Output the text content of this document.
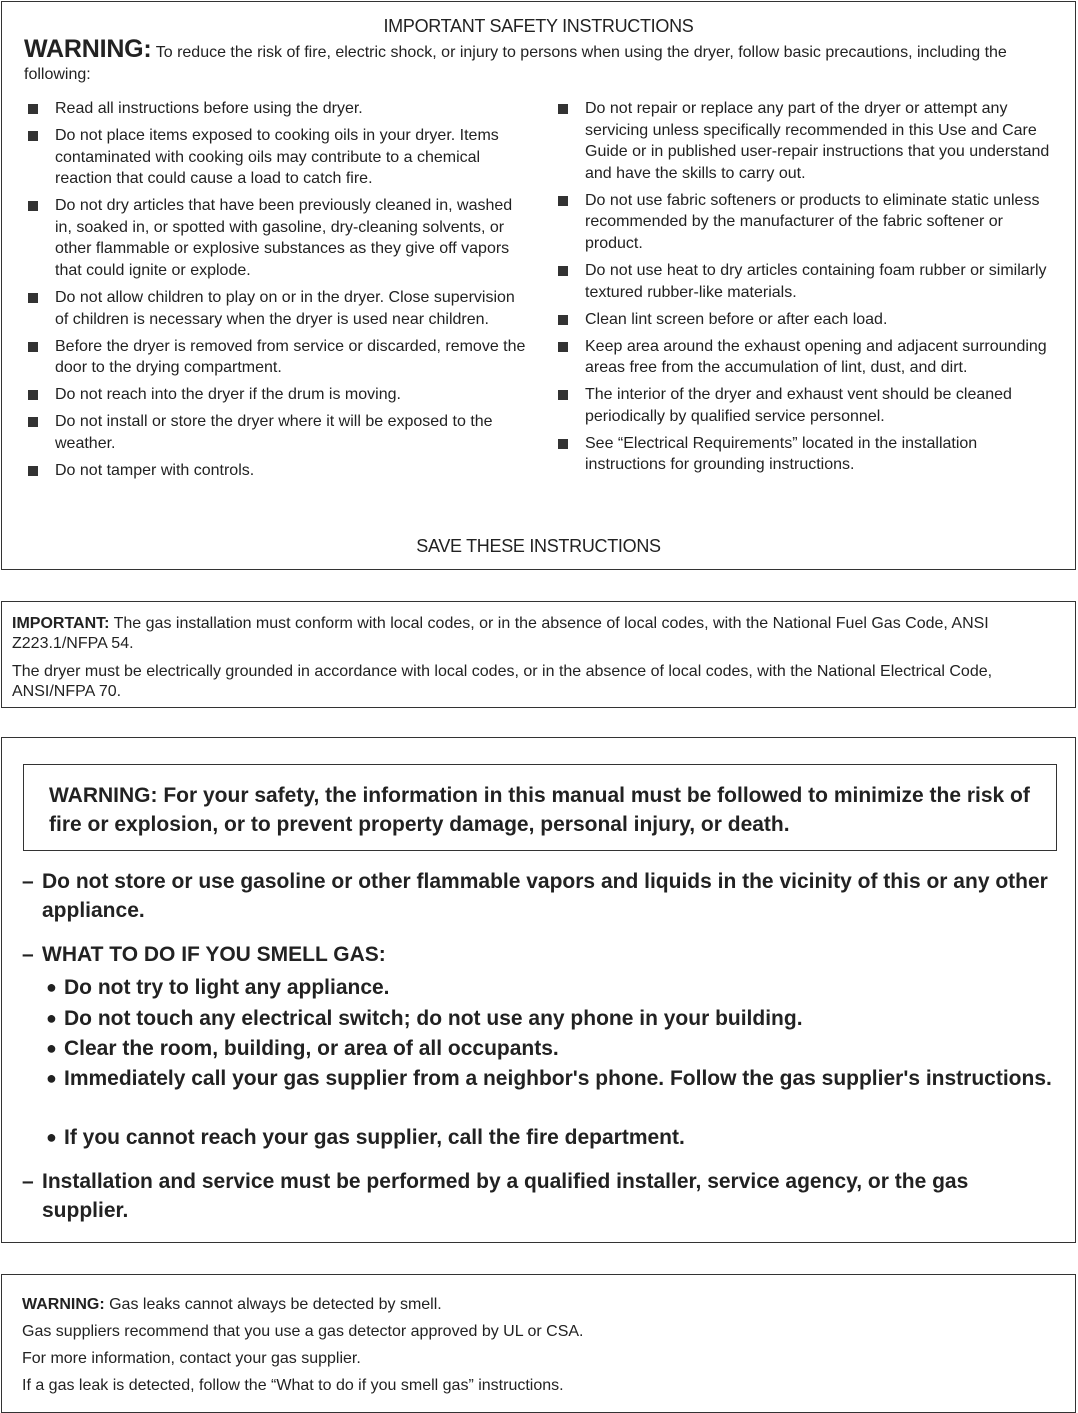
IMPORTANT SAFETY INSTRUCTIONS
WARNING: To reduce the risk of fire, electric shock, or injury to persons when using the dryer, follow basic precautions, including the following:
Read all instructions before using the dryer.
Do not place items exposed to cooking oils in your dryer. Items contaminated with cooking oils may contribute to a chemical reaction that could cause a load to catch fire.
Do not dry articles that have been previously cleaned in, washed in, soaked in, or spotted with gasoline, dry-cleaning solvents, or other flammable or explosive substances as they give off vapors that could ignite or explode.
Do not allow children to play on or in the dryer. Close supervision of children is necessary when the dryer is used near children.
Before the dryer is removed from service or discarded, remove the door to the drying compartment.
Do not reach into the dryer if the drum is moving.
Do not install or store the dryer where it will be exposed to the weather.
Do not tamper with controls.
Do not repair or replace any part of the dryer or attempt any servicing unless specifically recommended in this Use and Care Guide or in published user-repair instructions that you understand and have the skills to carry out.
Do not use fabric softeners or products to eliminate static unless recommended by the manufacturer of the fabric softener or product.
Do not use heat to dry articles containing foam rubber or similarly textured rubber-like materials.
Clean lint screen before or after each load.
Keep area around the exhaust opening and adjacent surrounding areas free from the accumulation of lint, dust, and dirt.
The interior of the dryer and exhaust vent should be cleaned periodically by qualified service personnel.
See “Electrical Requirements” located in the installation instructions for grounding instructions.
SAVE THESE INSTRUCTIONS
IMPORTANT: The gas installation must conform with local codes, or in the absence of local codes, with the National Fuel Gas Code, ANSI Z223.1/NFPA 54.
The dryer must be electrically grounded in accordance with local codes, or in the absence of local codes, with the National Electrical Code, ANSI/NFPA 70.
WARNING: For your safety, the information in this manual must be followed to minimize the risk of fire or explosion, or to prevent property damage, personal injury, or death.
– Do not store or use gasoline or other flammable vapors and liquids in the vicinity of this or any other appliance.
– WHAT TO DO IF YOU SMELL GAS:
● Do not try to light any appliance.
● Do not touch any electrical switch; do not use any phone in your building.
● Clear the room, building, or area of all occupants.
● Immediately call your gas supplier from a neighbor's phone. Follow the gas supplier's instructions.
● If you cannot reach your gas supplier, call the fire department.
– Installation and service must be performed by a qualified installer, service agency, or the gas supplier.
WARNING: Gas leaks cannot always be detected by smell.
Gas suppliers recommend that you use a gas detector approved by UL or CSA.
For more information, contact your gas supplier.
If a gas leak is detected, follow the “What to do if you smell gas” instructions.
